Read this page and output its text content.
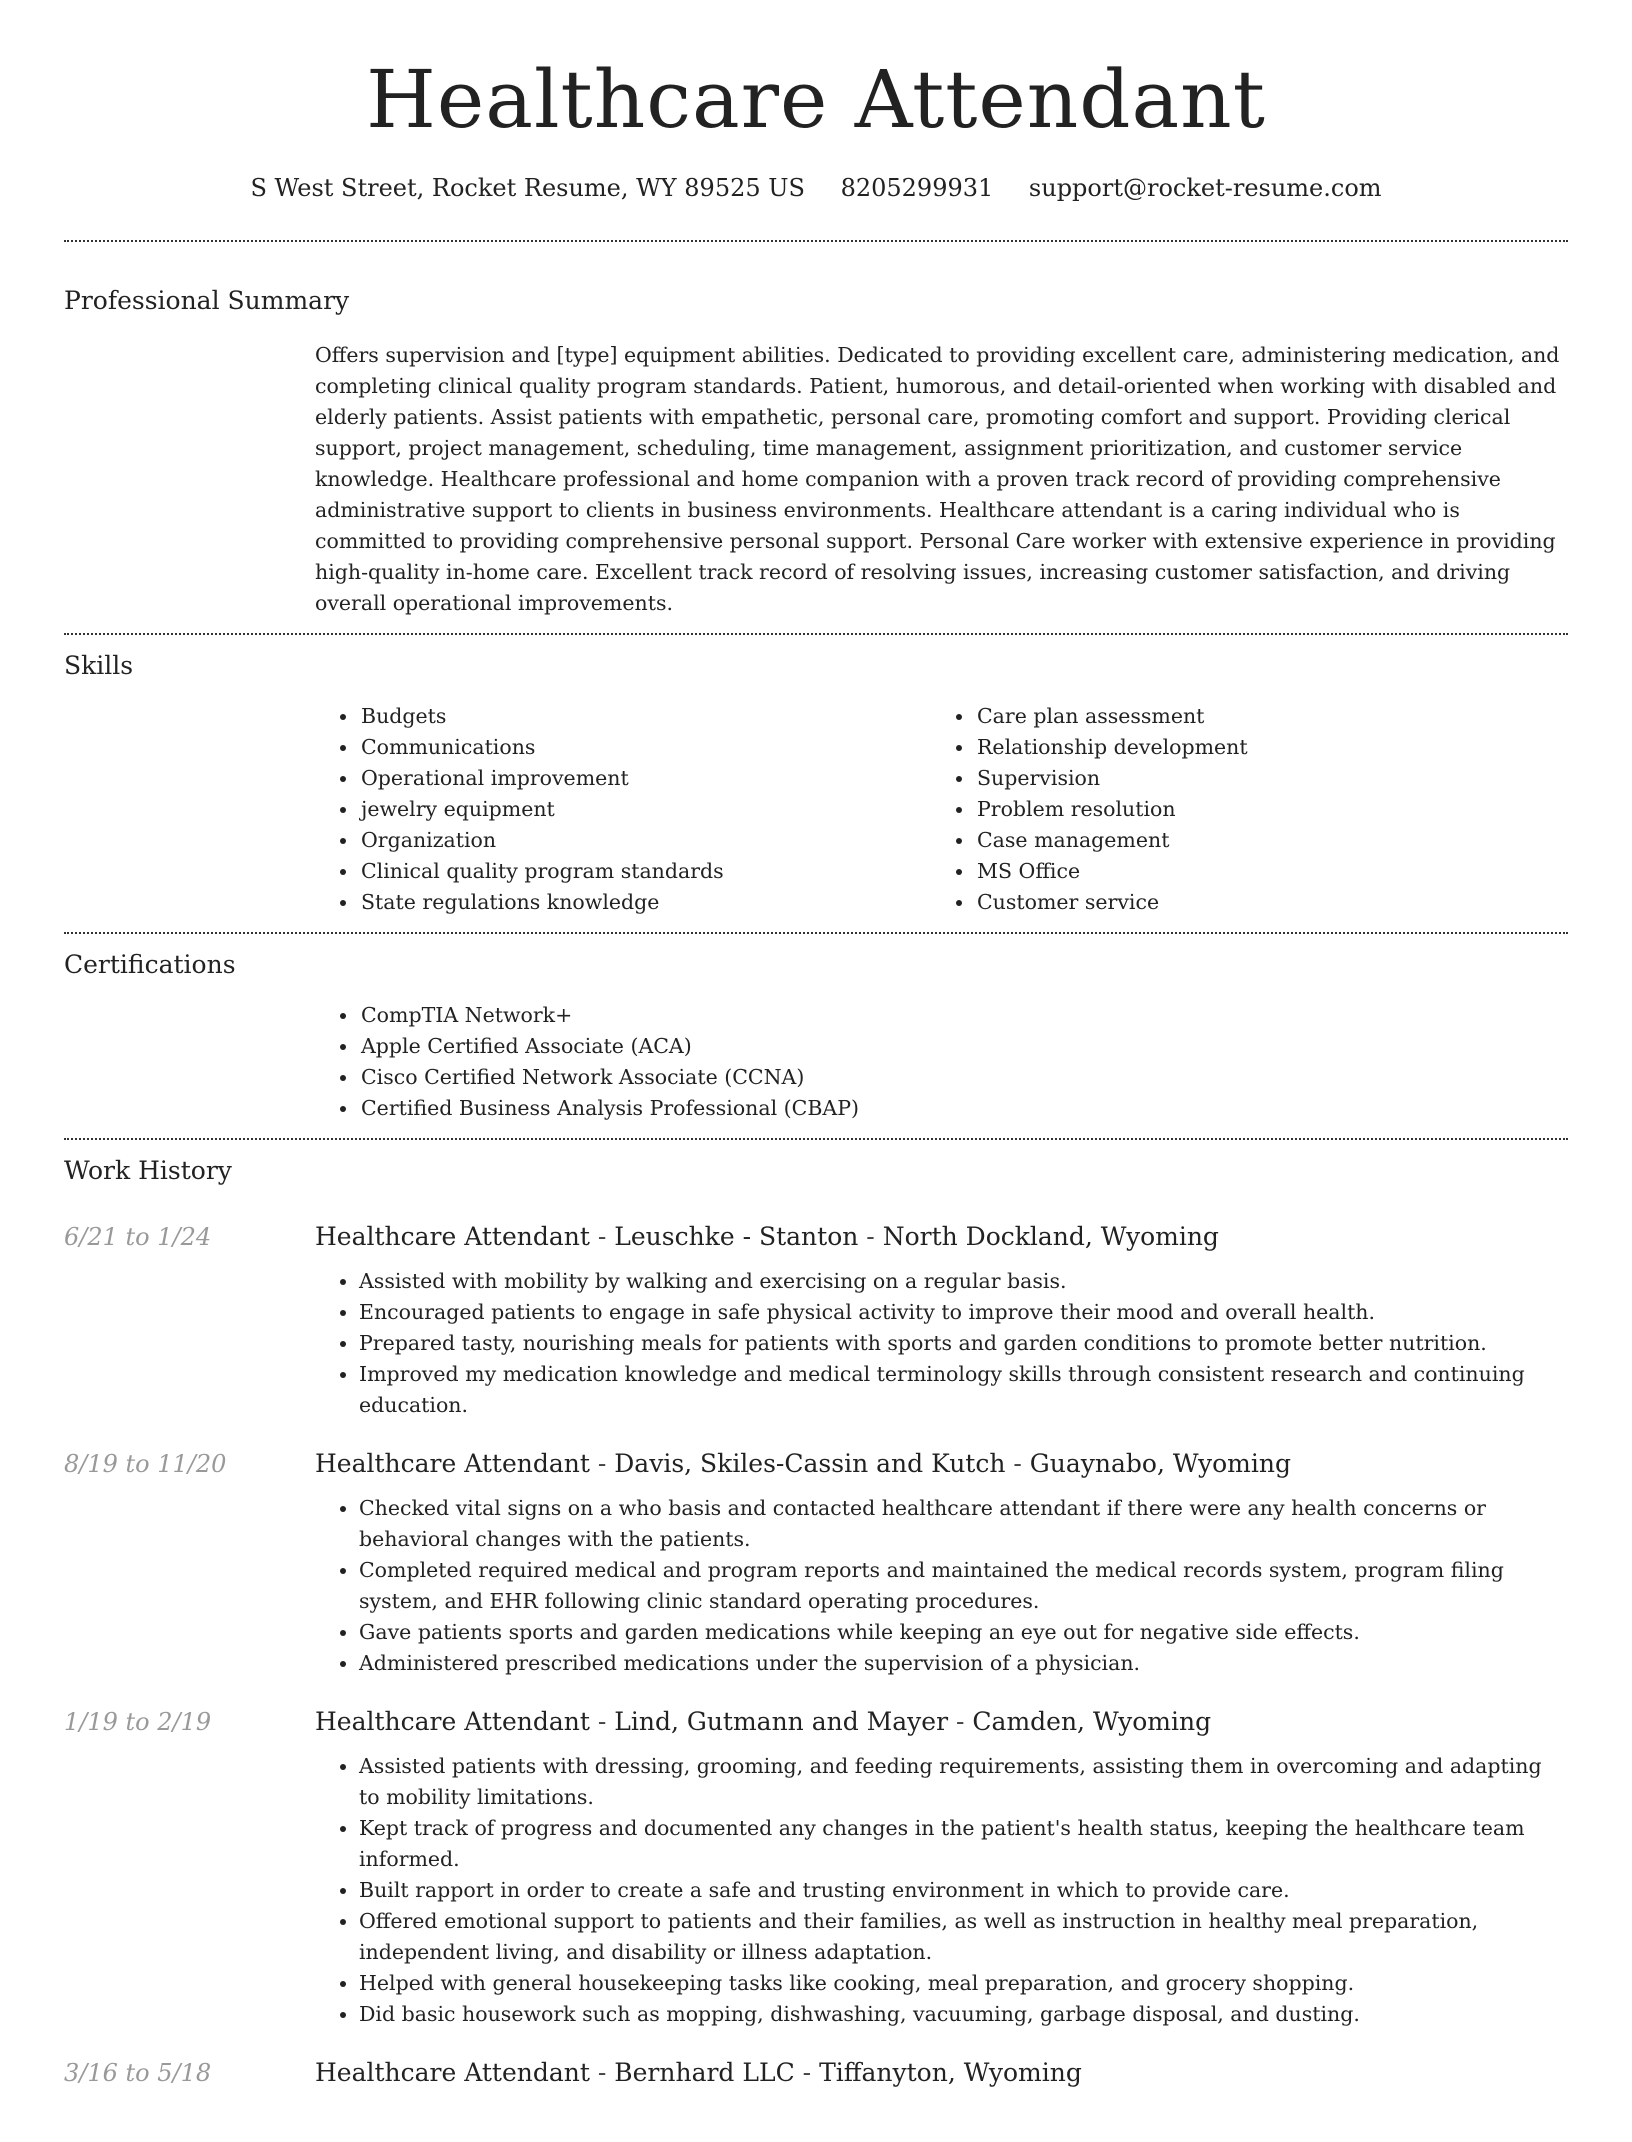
Healthcare Attendant
S West Street, Rocket Resume, WY 89525 US 8205299931 support@rocket-resume.com
Professional Summary

Offers supervision and [type] equipment abilities. Dedicated to providing excellent care, administering medication, and completing clinical quality program standards. Patient, humorous, and detail-oriented when working with disabled and elderly patients. Assist patients with empathetic, personal care, promoting comfort and support. Providing clerical support, project management, scheduling, time management, assignment prioritization, and customer service knowledge. Healthcare professional and home companion with a proven track record of providing comprehensive administrative support to clients in business environments. Healthcare attendant is a caring individual who is committed to providing comprehensive personal support. Personal Care worker with extensive experience in providing high-quality in-home care. Excellent track record of resolving issues, increasing customer satisfaction, and driving overall operational improvements.

Skills
• Budgets
• Communications
• Operational improvement
• jewelry equipment
• Organization
• Clinical quality program standards
• State regulations knowledge
• Care plan assessment
• Relationship development
• Supervision
• Problem resolution
• Case management
• MS Office
• Customer service
Certifications
• CompTIA Network+
• Apple Certified Associate (ACA)
• Cisco Certified Network Associate (CCNA)
• Certified Business Analysis Professional (CBAP)
Work History
6/21 to 1/24	Healthcare Attendant - Leuschke - Stanton - North Dockland, Wyoming
• Assisted with mobility by walking and exercising on a regular basis.
• Encouraged patients to engage in safe physical activity to improve their mood and overall health.
• Prepared tasty, nourishing meals for patients with sports and garden conditions to promote better nutrition.
• Improved my medication knowledge and medical terminology skills through consistent research and continuing education.
8/19 to 11/20	Healthcare Attendant - Davis, Skiles-Cassin and Kutch - Guaynabo, Wyoming
• Checked vital signs on a who basis and contacted healthcare attendant if there were any health concerns or behavioral changes with the patients.
• Completed required medical and program reports and maintained the medical records system, program filing system, and EHR following clinic standard operating procedures.
• Gave patients sports and garden medications while keeping an eye out for negative side effects.
• Administered prescribed medications under the supervision of a physician.
1/19 to 2/19	Healthcare Attendant - Lind, Gutmann and Mayer - Camden, Wyoming
• Assisted patients with dressing, grooming, and feeding requirements, assisting them in overcoming and adapting to mobility limitations.
• Kept track of progress and documented any changes in the patient's health status, keeping the healthcare team informed.
• Built rapport in order to create a safe and trusting environment in which to provide care.
• Offered emotional support to patients and their families, as well as instruction in healthy meal preparation, independent living, and disability or illness adaptation.
• Helped with general housekeeping tasks like cooking, meal preparation, and grocery shopping.
• Did basic housework such as mopping, dishwashing, vacuuming, garbage disposal, and dusting.
3/16 to 5/18	Healthcare Attendant - Bernhard LLC - Tiffanyton, Wyoming
